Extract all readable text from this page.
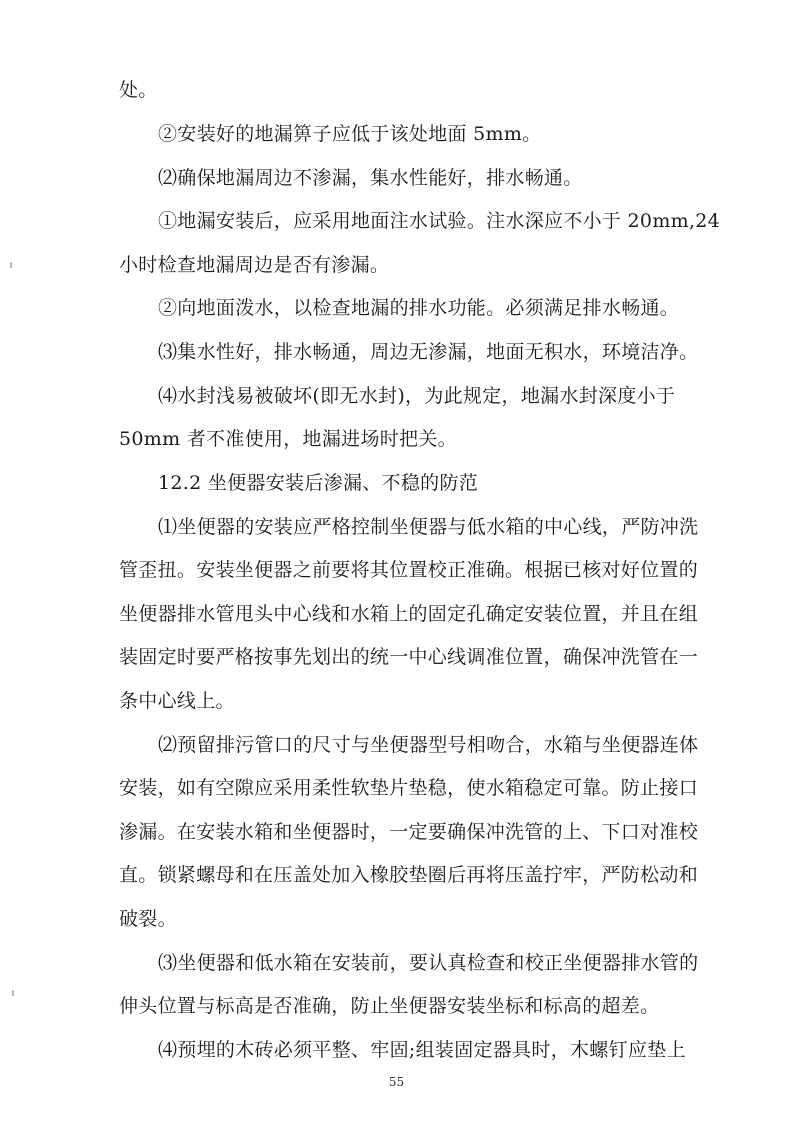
处。
②安装好的地漏箅子应低于该处地面 5mm。
⑵确保地漏周边不渗漏，集水性能好，排水畅通。
①地漏安装后，应采用地面注水试验。注水深应不小于 20mm,24
小时检查地漏周边是否有渗漏。
②向地面泼水，以检查地漏的排水功能。必须满足排水畅通。
⑶集水性好，排水畅通，周边无渗漏，地面无积水，环境洁净。
⑷水封浅易被破坏(即无水封)，为此规定，地漏水封深度小于
50mm 者不准使用，地漏进场时把关。
12.2 坐便器安装后渗漏、不稳的防范
⑴坐便器的安装应严格控制坐便器与低水箱的中心线，严防冲洗
管歪扭。安装坐便器之前要将其位置校正准确。根据已核对好位置的
坐便器排水管甩头中心线和水箱上的固定孔确定安装位置，并且在组
装固定时要严格按事先划出的统一中心线调准位置，确保冲洗管在一
条中心线上。
⑵预留排污管口的尺寸与坐便器型号相吻合，水箱与坐便器连体
安装，如有空隙应采用柔性软垫片垫稳，使水箱稳定可靠。防止接口
渗漏。在安装水箱和坐便器时，一定要确保冲洗管的上、下口对准校
直。锁紧螺母和在压盖处加入橡胶垫圈后再将压盖拧牢，严防松动和
破裂。
⑶坐便器和低水箱在安装前，要认真检查和校正坐便器排水管的
伸头位置与标高是否准确，防止坐便器安装坐标和标高的超差。
⑷预埋的木砖必须平整、牢固;组装固定器具时，木螺钉应垫上
55
